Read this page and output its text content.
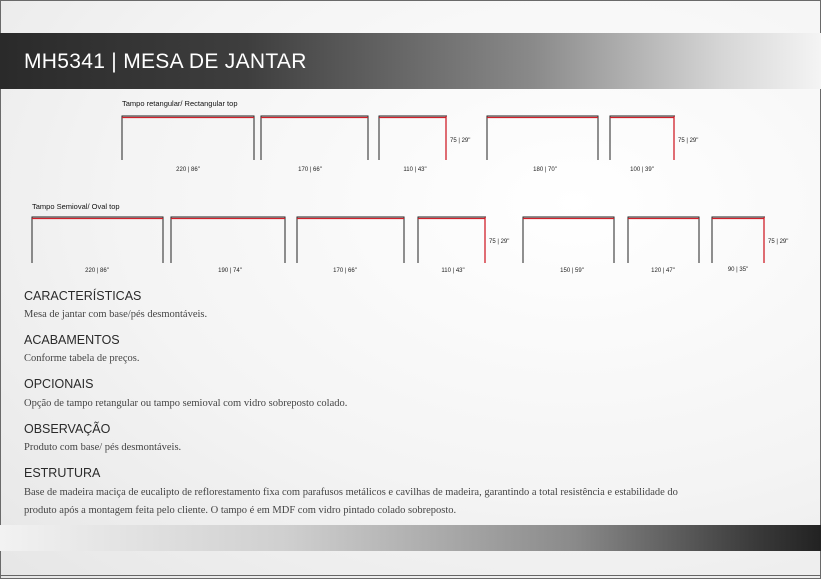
MH5341 | MESA DE JANTAR
Tampo retangular/ Rectangular top
220 | 86"	170 | 66"	110 | 43"
75 | 29"
180 | 70"	100 | 39"
75 | 29"
Tampo Semioval/ Oval top
220 | 86"	190 | 74"	170 | 66"	110 | 43"
75 | 29"
150 | 59"	120 | 47"	90 | 35"
75 | 29"
CARACTERÍSTICAS
Mesa de jantar com base/pés desmontáveis.
ACABAMENTOS
Conforme tabela de preços.
OPCIONAIS
Opção de tampo retangular ou tampo semioval com vidro sobreposto colado.
OBSERVAÇÃO
Produto com base/ pés desmontáveis.
ESTRUTURA
Base de madeira maciça de eucalipto de reflorestamento fixa com parafusos metálicos e cavilhas de madeira, garantindo a total resistência e estabilidade do
produto após a montagem feita pelo cliente. O tampo é em MDF com vidro pintado colado sobreposto.
